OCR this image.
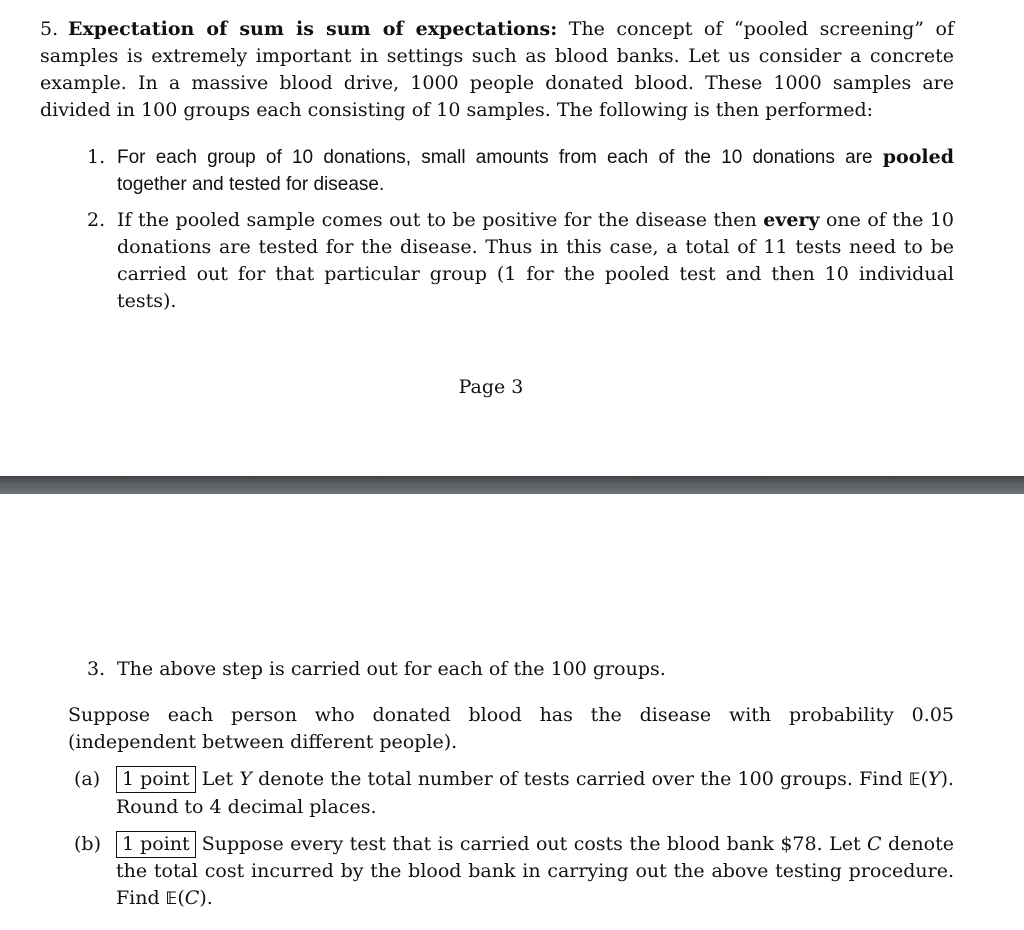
5. Expectation of sum is sum of expectations: The concept of “pooled screening” of samples is extremely important in settings such as blood banks. Let us consider a concrete example. In a massive blood drive, 1000 people donated blood. These 1000 samples are divided in 100 groups each consisting of 10 samples. The following is then performed:

1. For each group of 10 donations, small amounts from each of the 10 donations are pooled together and tested for disease.
2. If the pooled sample comes out to be positive for the disease then every one of the 10 donations are tested for the disease. Thus in this case, a total of 11 tests need to be carried out for that particular group (1 for the pooled test and then 10 individual tests).
Page 3
3. The above step is carried out for each of the 100 groups.

Suppose each person who donated blood has the disease with probability 0.05 (independent between different people).

(a) 1 point Let Y denote the total number of tests carried over the 100 groups. Find 𝔼(Y). Round to 4 decimal places.
(b) 1 point Suppose every test that is carried out costs the blood bank $78. Let C denote the total cost incurred by the blood bank in carrying out the above testing procedure. Find 𝔼(C).
